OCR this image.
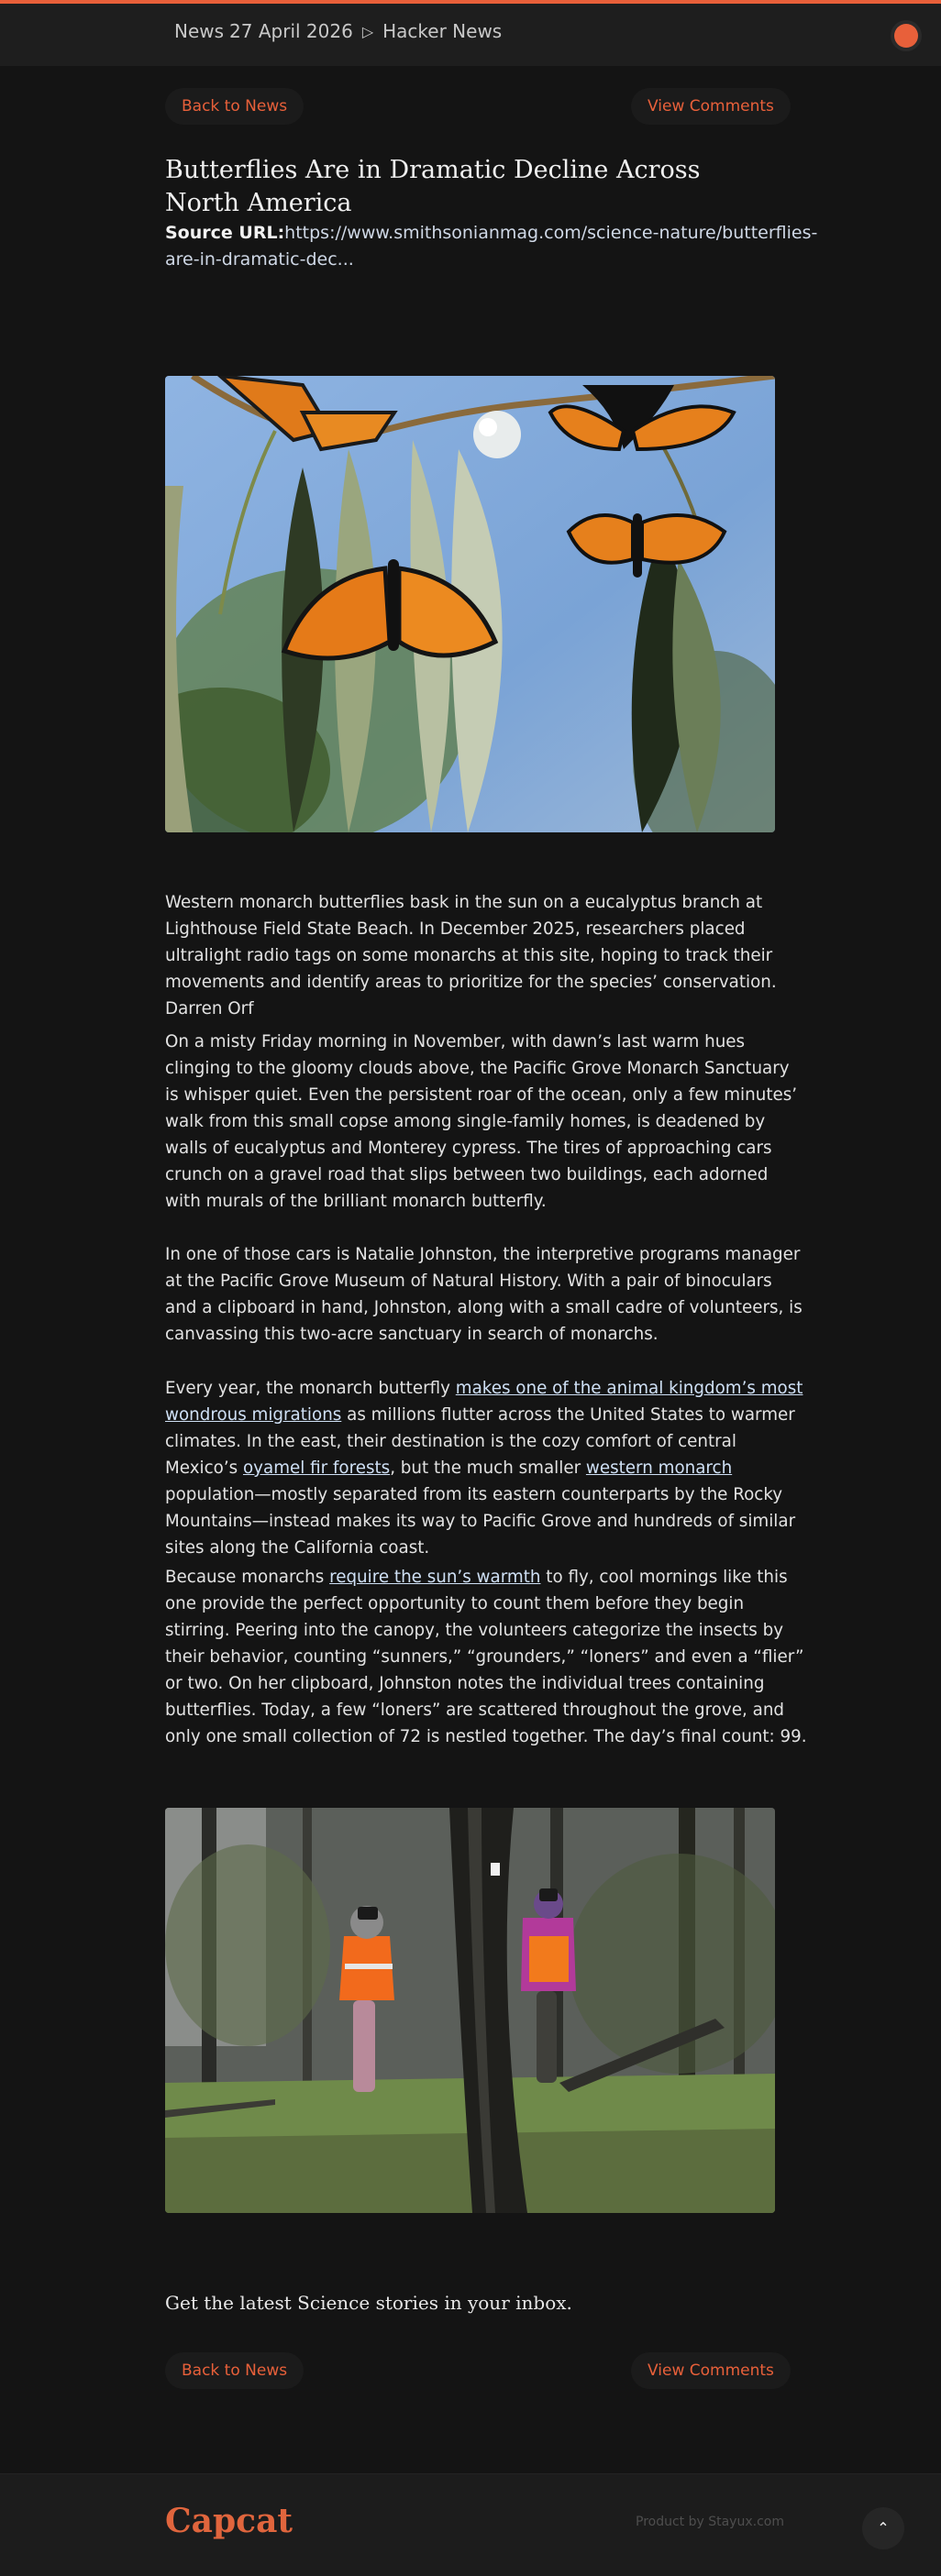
News 27 April 2026 ▷ Hacker News
Back to News	View Comments
Butterflies Are in Dramatic Decline Across North America
Source URL:https://www.smithsonianmag.com/science-nature/butterflies-are-in-dramatic-dec...

Western monarch butterflies bask in the sun on a eucalyptus branch at Lighthouse Field State Beach. In December 2025, researchers placed ultralight radio tags on some monarchs at this site, hoping to track their movements and identify areas to prioritize for the species’ conservation. Darren Orf

On a misty Friday morning in November, with dawn’s last warm hues clinging to the gloomy clouds above, the Pacific Grove Monarch Sanctuary is whisper quiet. Even the persistent roar of the ocean, only a few minutes’ walk from this small copse among single-family homes, is deadened by walls of eucalyptus and Monterey cypress. The tires of approaching cars crunch on a gravel road that slips between two buildings, each adorned with murals of the brilliant monarch butterfly.

In one of those cars is Natalie Johnston, the interpretive programs manager at the Pacific Grove Museum of Natural History. With a pair of binoculars and a clipboard in hand, Johnston, along with a small cadre of volunteers, is canvassing this two-acre sanctuary in search of monarchs.

Every year, the monarch butterfly makes one of the animal kingdom’s most wondrous migrations as millions flutter across the United States to warmer climates. In the east, their destination is the cozy comfort of central Mexico’s oyamel fir forests, but the much smaller western monarch population—mostly separated from its eastern counterparts by the Rocky Mountains—instead makes its way to Pacific Grove and hundreds of similar sites along the California coast.

Because monarchs require the sun’s warmth to fly, cool mornings like this one provide the perfect opportunity to count them before they begin stirring. Peering into the canopy, the volunteers categorize the insects by their behavior, counting “sunners,” “grounders,” “loners” and even a “flier” or two. On her clipboard, Johnston notes the individual trees containing butterflies. Today, a few “loners” are scattered throughout the grove, and only one small collection of 72 is nestled together. The day’s final count: 99.

Get the latest Science stories in your inbox.
Back to News	View Comments
Capcat	Product by Stayux.com	⌃
